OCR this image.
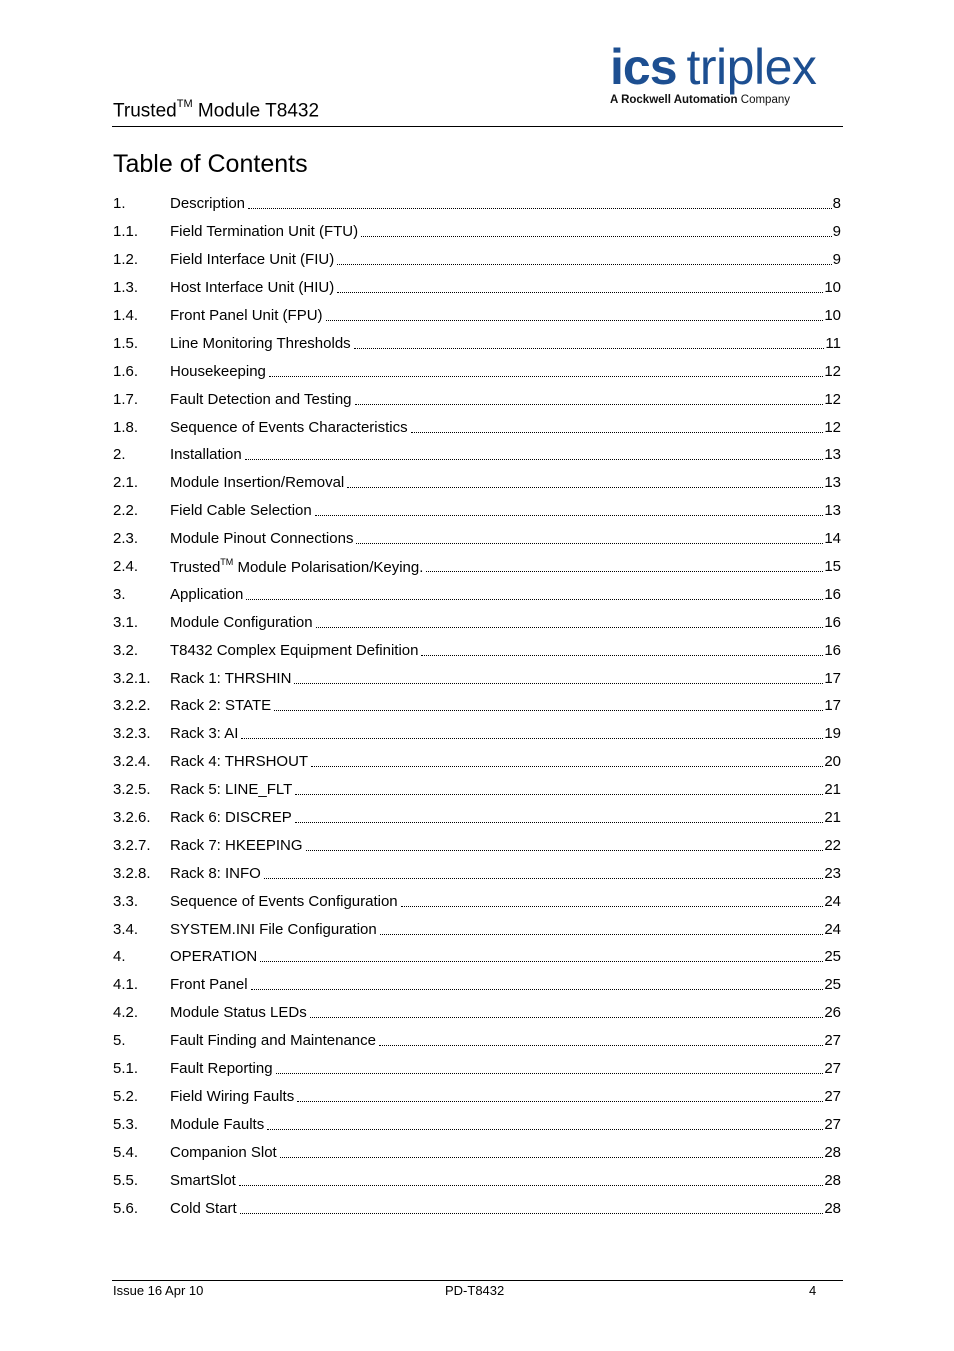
ics triplex
A Rockwell Automation Company
Trusted™ Module T8432
Table of Contents
1.	Description	8
1.1.	Field Termination Unit (FTU)	9
1.2.	Field Interface Unit (FIU)	9
1.3.	Host Interface Unit (HIU)	10
1.4.	Front Panel Unit (FPU)	10
1.5.	Line Monitoring Thresholds	11
1.6.	Housekeeping	12
1.7.	Fault Detection and Testing	12
1.8.	Sequence of Events Characteristics	12
2.	Installation	13
2.1.	Module Insertion/Removal	13
2.2.	Field Cable Selection	13
2.3.	Module Pinout Connections	14
2.4.	Trusted™ Module Polarisation/Keying.	15
3.	Application	16
3.1.	Module Configuration	16
3.2.	T8432 Complex Equipment Definition	16
3.2.1.	Rack 1: THRSHIN	17
3.2.2.	Rack 2: STATE	17
3.2.3.	Rack 3: AI	19
3.2.4.	Rack 4: THRSHOUT	20
3.2.5.	Rack 5: LINE_FLT	21
3.2.6.	Rack 6: DISCREP	21
3.2.7.	Rack 7: HKEEPING	22
3.2.8.	Rack 8: INFO	23
3.3.	Sequence of Events Configuration	24
3.4.	SYSTEM.INI File Configuration	24
4.	OPERATION	25
4.1.	Front Panel	25
4.2.	Module Status LEDs	26
5.	Fault Finding and Maintenance	27
5.1.	Fault Reporting	27
5.2.	Field Wiring Faults	27
5.3.	Module Faults	27
5.4.	Companion Slot	28
5.5.	SmartSlot	28
5.6.	Cold Start	28
Issue 16 Apr 10	PD-T8432	4
